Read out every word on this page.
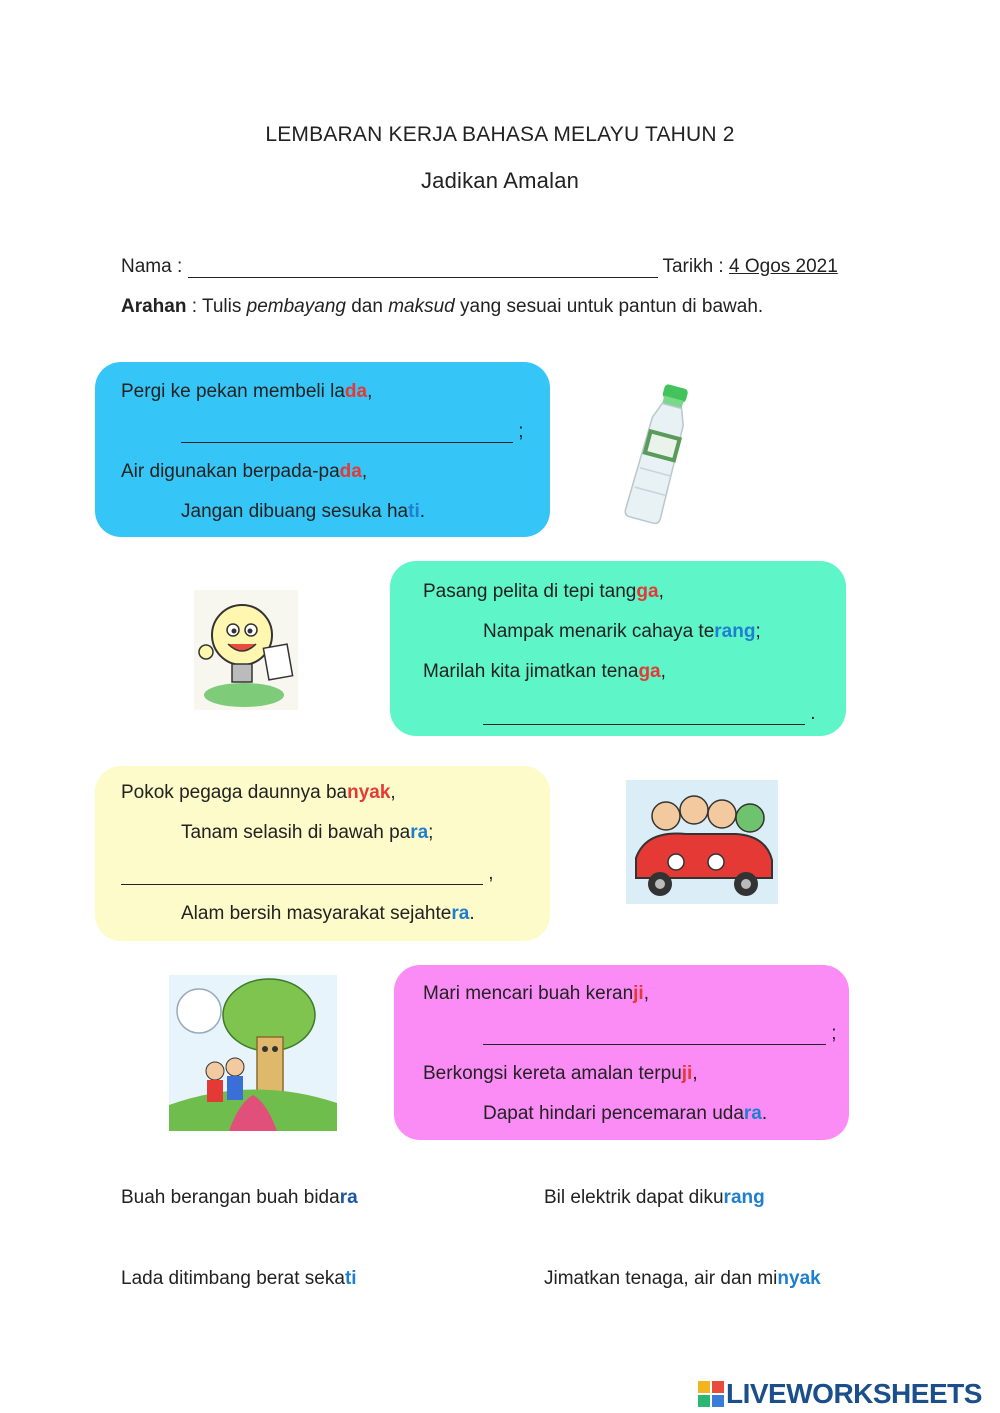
LEMBARAN KERJA BAHASA MELAYU TAHUN 2
Jadikan Amalan
Nama :	Tarikh : 4 Ogos 2021
Arahan : Tulis pembayang dan maksud yang sesuai untuk pantun di bawah.
Pergi ke pekan membeli lada,
;
Air digunakan berpada-pada,
Jangan dibuang sesuka hati.
Pasang pelita di tepi tangga,
Nampak menarik cahaya terang;
Marilah kita jimatkan tenaga,
.
Pokok pegaga daunnya banyak,
Tanam selasih di bawah para;
,
Alam bersih masyarakat sejahtera.
Mari mencari buah keranji,
;
Berkongsi kereta amalan terpuji,
Dapat hindari pencemaran udara.
Buah berangan buah bidara	Bil elektrik dapat dikurang
Lada ditimbang berat sekati	Jimatkan tenaga, air dan minyak
LIVEWORKSHEETS
